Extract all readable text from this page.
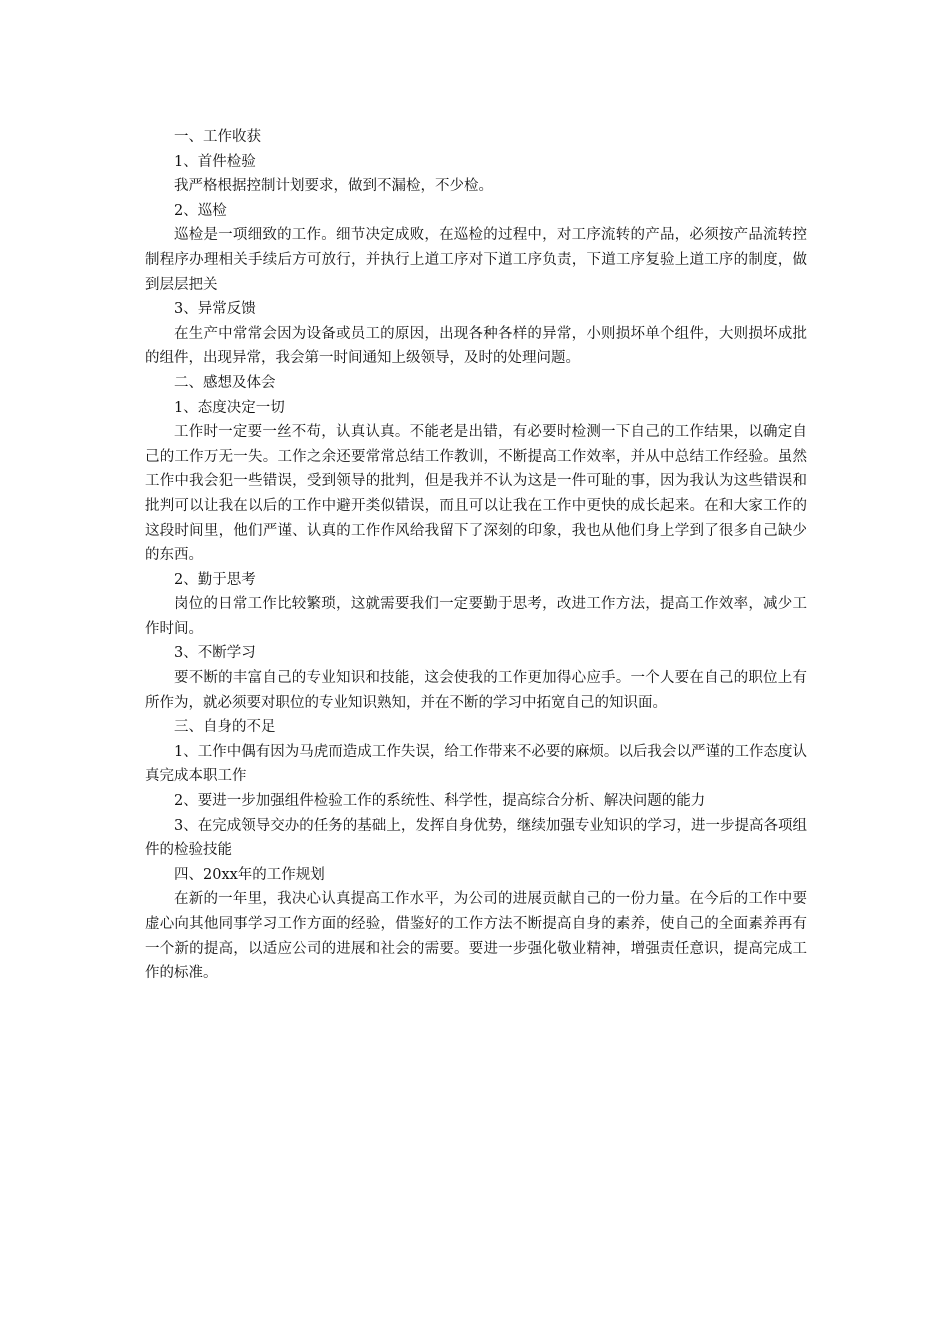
一、工作收获

1、首件检验

我严格根据控制计划要求，做到不漏检，不少检。

2、巡检

巡检是一项细致的工作。细节决定成败，在巡检的过程中，对工序流转的产品，必须按产品流转控制程序办理相关手续后方可放行，并执行上道工序对下道工序负责，下道工序复验上道工序的制度，做到层层把关

3、异常反馈

在生产中常常会因为设备或员工的原因，出现各种各样的异常，小则损坏单个组件，大则损坏成批的组件，出现异常，我会第一时间通知上级领导，及时的处理问题。

二、感想及体会

1、态度决定一切

工作时一定要一丝不苟，认真认真。不能老是出错，有必要时检测一下自己的工作结果，以确定自己的工作万无一失。工作之余还要常常总结工作教训，不断提高工作效率，并从中总结工作经验。虽然工作中我会犯一些错误，受到领导的批判，但是我并不认为这是一件可耻的事，因为我认为这些错误和批判可以让我在以后的工作中避开类似错误，而且可以让我在工作中更快的成长起来。在和大家工作的这段时间里，他们严谨、认真的工作作风给我留下了深刻的印象，我也从他们身上学到了很多自己缺少的东西。

2、勤于思考

岗位的日常工作比较繁琐，这就需要我们一定要勤于思考，改进工作方法，提高工作效率，减少工作时间。

3、不断学习

要不断的丰富自己的专业知识和技能，这会使我的工作更加得心应手。一个人要在自己的职位上有所作为，就必须要对职位的专业知识熟知，并在不断的学习中拓宽自己的知识面。

三、自身的不足

1、工作中偶有因为马虎而造成工作失误，给工作带来不必要的麻烦。以后我会以严谨的工作态度认真完成本职工作

2、要进一步加强组件检验工作的系统性、科学性，提高综合分析、解决问题的能力

3、在完成领导交办的任务的基础上，发挥自身优势，继续加强专业知识的学习，进一步提高各项组件的检验技能

四、20xx年的工作规划

在新的一年里，我决心认真提高工作水平，为公司的进展贡献自己的一份力量。在今后的工作中要虚心向其他同事学习工作方面的经验，借鉴好的工作方法不断提高自身的素养，使自己的全面素养再有一个新的提高，以适应公司的进展和社会的需要。要进一步强化敬业精神，增强责任意识，提高完成工作的标准。
